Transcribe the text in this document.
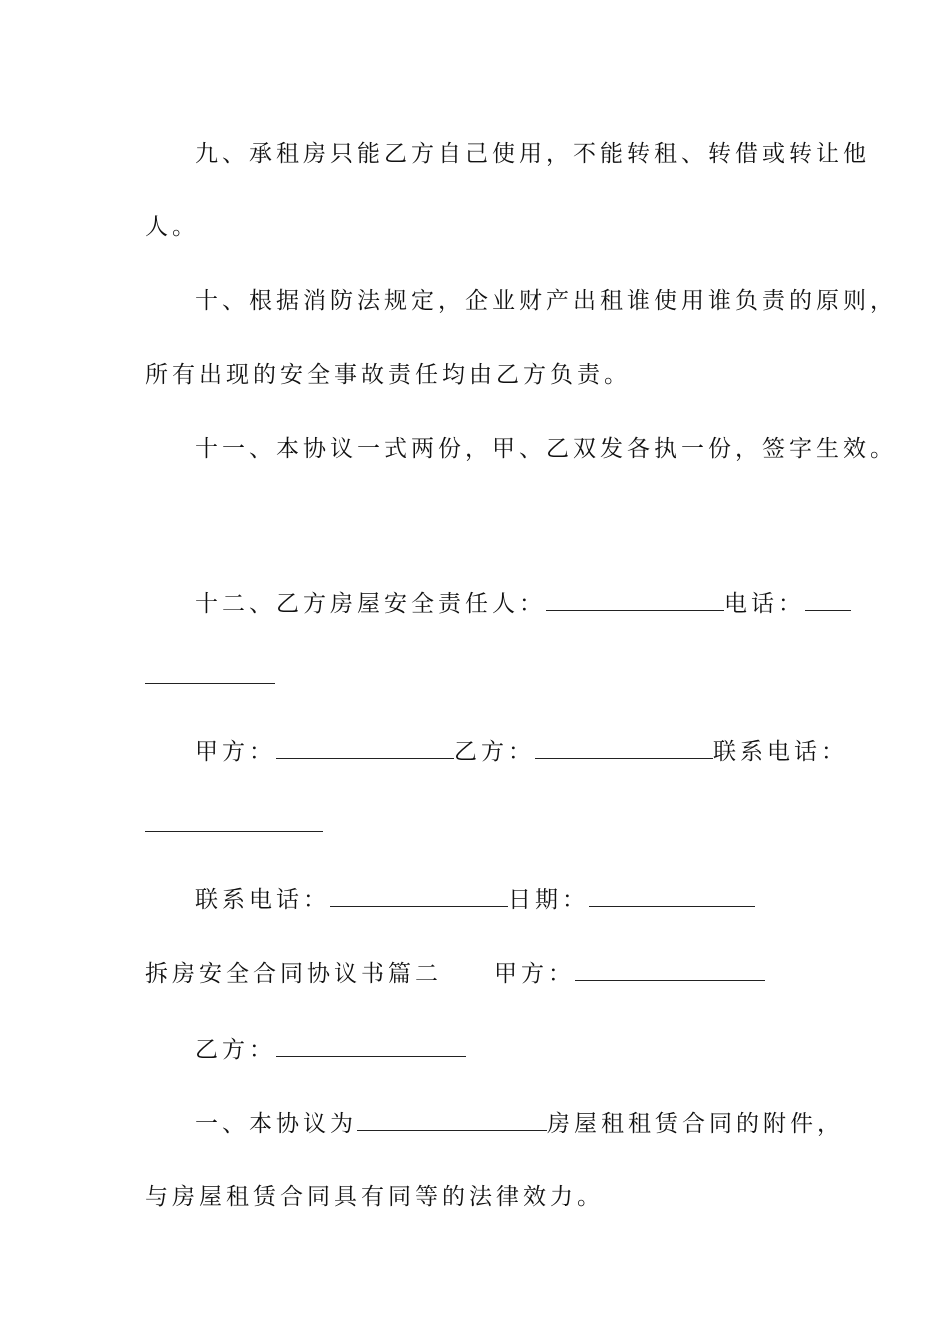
九、承租房只能乙方自己使用，不能转租、转借或转让他
人。
十、根据消防法规定，企业财产出租谁使用谁负责的原则，
所有出现的安全事故责任均由乙方负责。
十一、本协议一式两份，甲、乙双发各执一份，签字生效。
十二、乙方房屋安全责任人：	电话：
甲方：	乙方：	联系电话：
联系电话：	日期：
拆房安全合同协议书篇二 甲方：
乙方：
一、本协议为	房屋租租赁合同的附件，
与房屋租赁合同具有同等的法律效力。
